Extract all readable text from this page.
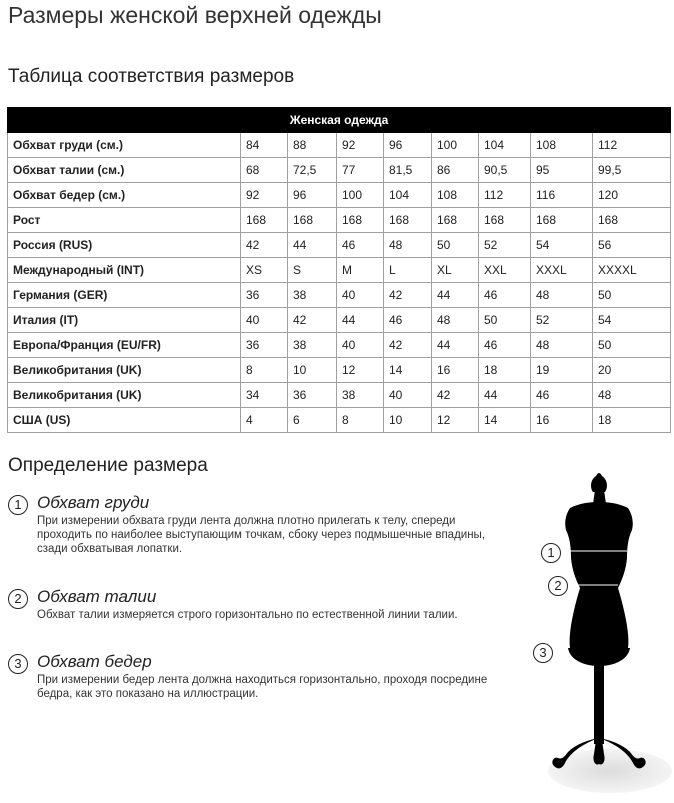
Размеры женской верхней одежды
Таблица соответствия размеров
Женская одежда								
Обхват груди (см.)	84	88	92	96	100	104	108	112
Обхват талии (см.)	68	72,5	77	81,5	86	90,5	95	99,5
Обхват бедер (см.)	92	96	100	104	108	112	116	120
Рост	168	168	168	168	168	168	168	168
Россия (RUS)	42	44	46	48	50	52	54	56
Международный (INT)	XS	S	M	L	XL	XXL	XXXL	XXXXL
Германия (GER)	36	38	40	42	44	46	48	50
Италия (IT)	40	42	44	46	48	50	52	54
Европа/Франция (EU/FR)	36	38	40	42	44	46	48	50
Великобритания (UK)	8	10	12	14	16	18	19	20
Великобритания (UK)	34	36	38	40	42	44	46	48
США (US)	4	6	8	10	12	14	16	18
Определение размера
1 Обхват груди
При измерении обхвата груди лента должна плотно прилегать к телу, спереди проходить по наиболее выступающим точкам, сбоку через подмышечные впадины, сзади обхватывая лопатки.
2 Обхват талии
Обхват талии измеряется строго горизонтально по естественной линии талии.
3 Обхват бедер
При измерении бедер лента должна находиться горизонтально, проходя посредине бедра, как это показано на иллюстрации.
1
2
3
